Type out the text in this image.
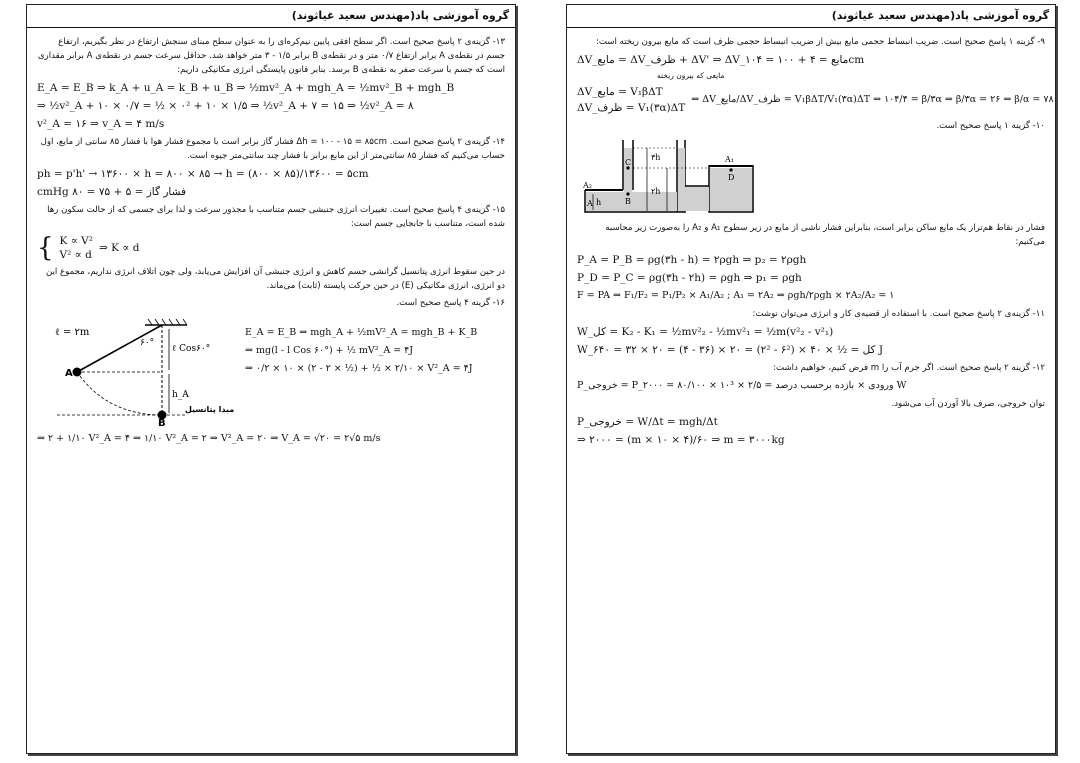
گروه آموزشی پاد(مهندس سعید غیاثوند)

۱۳- گزینه‌ی ۲ پاسخ صحیح است. اگر سطح افقی پایین نیم‌کره‌ای را به عنوان سطح مبنای سنجش ارتفاع در نظر بگیریم، ارتفاع جسم در نقطه‌ی A برابر ارتفاع ۰/۷ متر و در نقطه‌ی B برابر ۱/۵ - ۳ متر خواهد شد. حداقل سرعت جسم در نقطه‌ی A برابر مقداری است که جسم با سرعت صفر به نقطه‌ی B برسد. بنابر قانون پایستگی انرژی مکانیکی داریم:

E_A = E_B ⇒ k_A + u_A = k_B + u_B ⇒ ½mv²_A + mgh_A = ½mv²_B + mgh_B
⇒ ½v²_A + ۱۰ × ۰/۷ = ½ × ۰² + ۱۰ × ۱/۵ ⇒ ½v²_A + ۷ = ۱۵ ⇒ ½v²_A = ۸
v²_A = ۱۶ ⇒ v_A = ۴ m/s

۱۴- گزینه‌ی ۲ پاسخ صحیح است. Δh = ۱۰۰ - ۱۵ = ۸۵cm فشار گاز برابر است با مجموع فشار هوا با فشار ۸۵ سانتی از مایع، اول حساب می‌کنیم که فشار ۸۵ سانتی‌متر از این مایع برابر با فشار چند سانتی‌متر جیوه است.

ph = p'h' → ۱۳۶۰۰ × h = ۸۰۰ × ۸۵ → h = (۸۰۰ × ۸۵)/۱۳۶۰۰ = ۵cm
فشار گاز = ۵ + ۷۵ = ۸۰ cmHg

۱۵- گزینه‌ی ۴ پاسخ صحیح است. تغییرات انرژی جنبشی جسم متناسب با مجذور سرعت و لذا برای جسمی که از حالت سکون رها شده است، متناسب با جابجایی جسم است:

{ K ∝ V²
V² ∝ d
⇒ K ∝ d

در حین سقوط انرژی پتانسیل گرانشی جسم کاهش و انرژی جنبشی آن افزایش می‌یابد، ولی چون اتلاف انرژی نداریم، مجموع این دو انرژی، انرژی مکانیکی (E) در حین حرکت پایسته (ثابت) می‌ماند.

۱۶- گزینه ۴ پاسخ صحیح است.

ℓ = ۲m
۶۰°
ℓ Cos۶۰°
h_A
A
B
مبدا پتانسیل
E_A = E_B ⇒ mgh_A + ½mV²_A = mgh_B + K_B
⇒ mg(l - l Cos ۶۰°) + ½ mV²_A = ۴J
⇒ ۰/۲ × ۱۰ × (۲ - ۲ × ½) + ½ × ۲/۱۰ × V²_A = ۴J
⇒ ۲ + ۱/۱۰ V²_A = ۴ ⇒ ۱/۱۰ V²_A = ۲ ⇒ V²_A = ۲۰ ⇒ V_A = √۲۰ = ۲√۵ m/s
گروه آموزشی پاد(مهندس سعید غیاثوند)

۹- گزینه ۱ پاسخ صحیح است. ضریب انبساط حجمی مایع بیش از ضریب انبساط حجمی ظرف است که مایع بیرون ریخته است:

ΔV_مایع = ΔV_ظرف + ΔV' ⇒ ΔV_مایع = ۴ + ۱۰۰ = ۱۰۴cm
مایعی که بیرون ریخته
ΔV_مایع = V₁βΔT
ΔV_ظرف = V₁(۳α)ΔT
⇒ ΔV_مایع/ΔV_ظرف = V₁βΔT/V₁(۳α)ΔT ⇒ ۱۰۴/۴ = β/۳α ⇒ β/۳α = ۲۶ ⇒ β/α = ۷۸

۱۰- گزینه ۱ پاسخ صحیح است.

A₂
A₁
A	B
C
D
h
۲h
۳h

فشار در نقاط هم‌تراز یک مایع ساکن برابر است، بنابراین فشار ناشی از مایع در زیر سطوح A₁ و A₂ را به‌صورت زیر محاسبه می‌کنیم:

P_A = P_B = ρg(۳h - h) = ۲ρgh ⇒ p₂ = ۲ρgh
P_D = P_C = ρg(۳h - ۲h) = ρgh ⇒ p₁ = ρgh
F = PA ⇒ F₁/F₂ = P₁/P₂ × A₁/A₂ ; A₁ = ۲A₂ ⇒ ρgh/۲ρgh × ۲A₂/A₂ = ۱

۱۱- گزینه‌ی ۲ پاسخ صحیح است. با استفاده از قضیه‌ی کار و انرژی می‌توان نوشت:

W_کل = K₂ - K₁ = ½mv²₂ - ½mv²₁ = ½m(v²₂ - v²₁)
W_کل = ½ × ۴۰ × (۶² - ۲²) = ۲۰ × (۳۶ - ۴) = ۲۰ × ۳۲ = ۶۴۰ J

۱۲- گزینه ۲ پاسخ صحیح است. اگر جرم آب را m فرض کنیم، خواهیم داشت:

P_خروجی = P_ورودی × بازده برحسب درصد = ۲/۵ × ۱۰³ × ۸۰/۱۰۰ = ۲۰۰۰ W

توان خروجی، صرف بالا آوردن آب می‌شود.

P_خروجی = W/Δt = mgh/Δt
⇒ ۲۰۰۰ = (m × ۱۰ × ۴)/۶۰ ⇒ m = ۳۰۰۰kg
